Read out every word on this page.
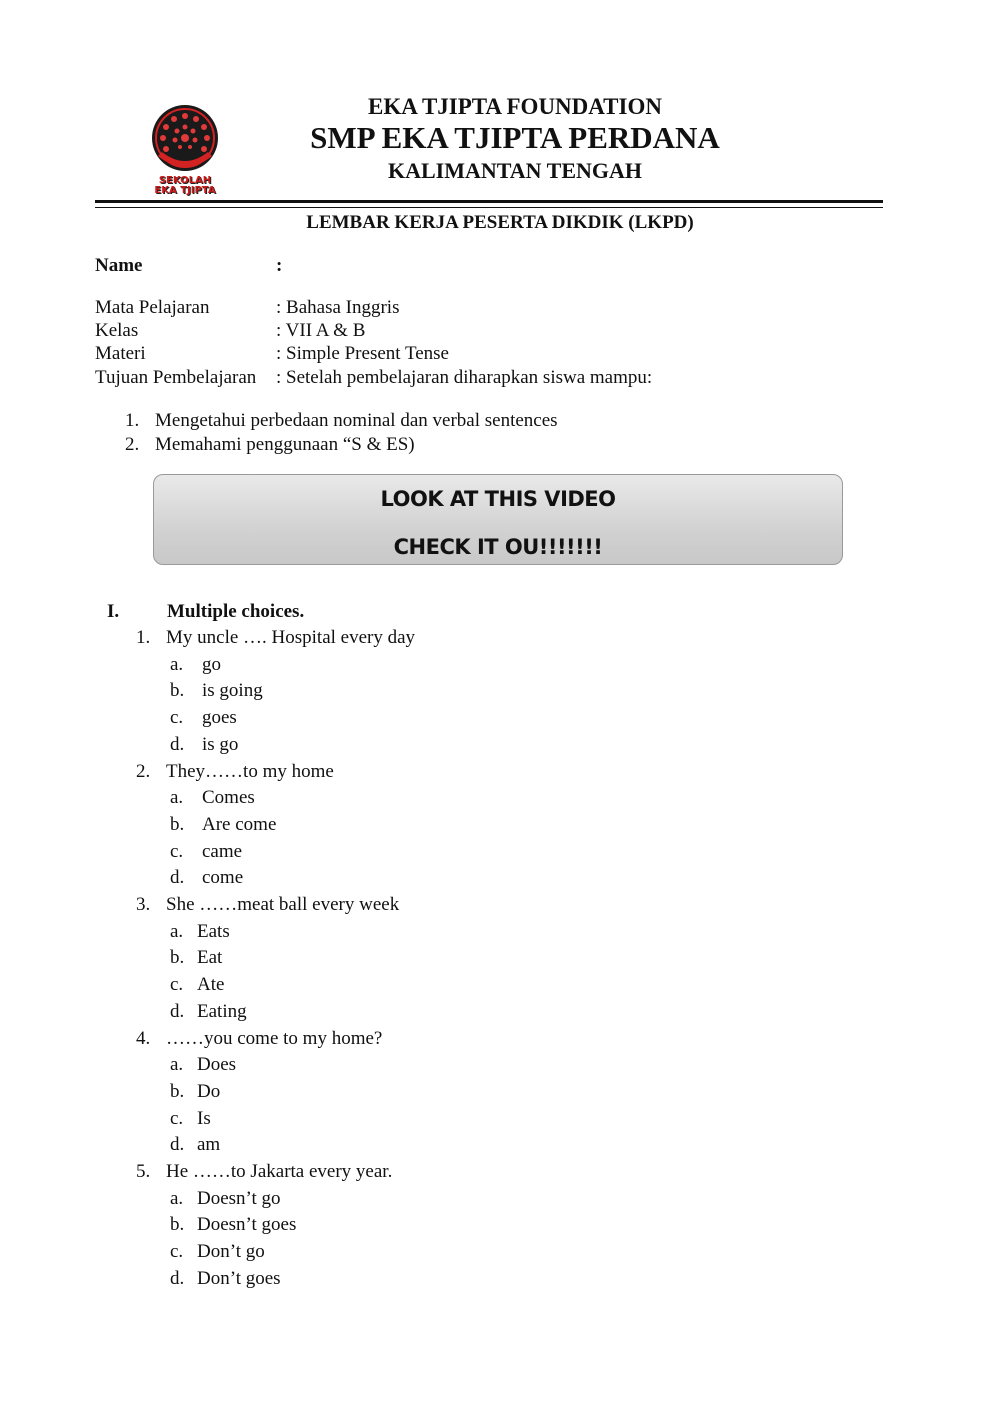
SEKOLAH
EKA TJIPTA
EKA TJIPTA FOUNDATION
SMP EKA TJIPTA PERDANA
KALIMANTAN TENGAH
LEMBAR KERJA PESERTA DIKDIK (LKPD)
Name	:
Mata Pelajaran	: Bahasa Inggris
Kelas	: VII A & B
Materi	: Simple Present Tense
Tujuan Pembelajaran : Setelah pembelajaran diharapkan siswa mampu:
1. Mengetahui perbedaan nominal dan verbal sentences
2. Memahami penggunaan “S & ES)
LOOK AT THIS VIDEO
CHECK IT OU!!!!!!!
I.	Multiple choices.
1. My uncle …. Hospital every day
a. go
b. is going
c. goes
d. is go
2. They……to my home
a. Comes
b. Are come
c. came
d. come
3. She ……meat ball every week
a. Eats
b. Eat
c. Ate
d. Eating
4. ……you come to my home?
a. Does
b. Do
c. Is
d. am
5. He ……to Jakarta every year.
a. Doesn’t go
b. Doesn’t goes
c. Don’t go
d. Don’t goes
